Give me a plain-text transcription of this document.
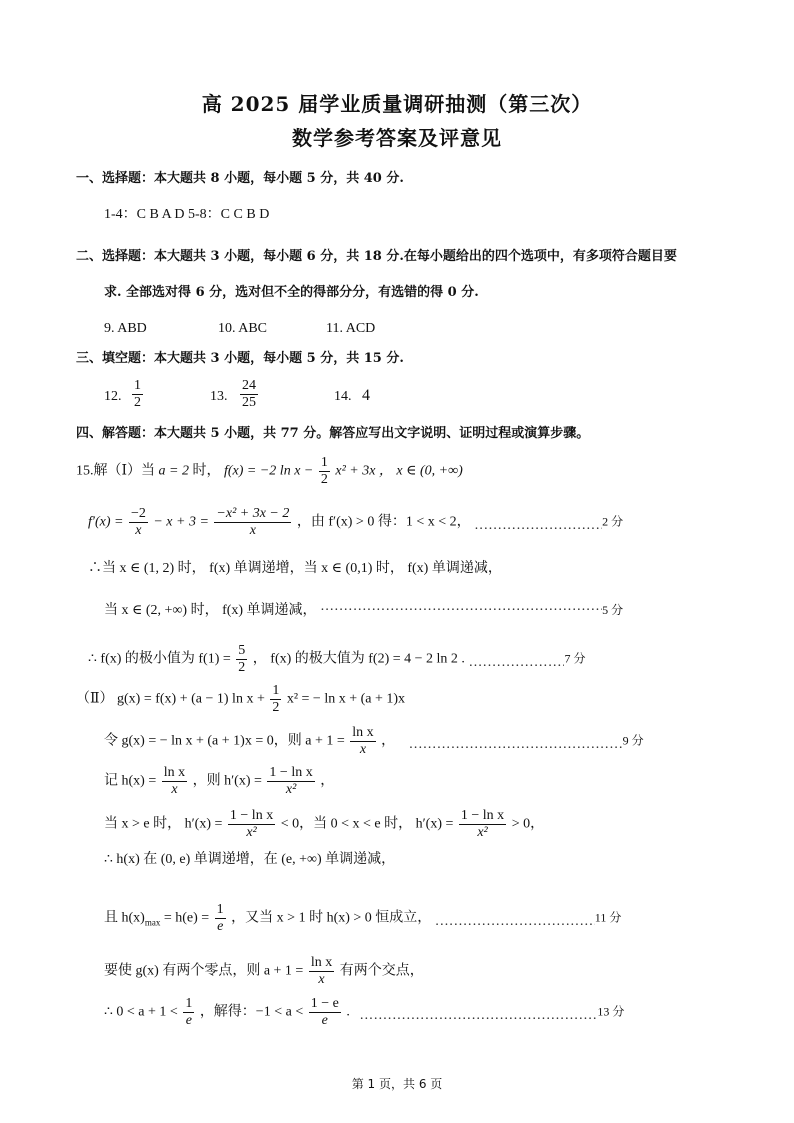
高 2025 届学业质量调研抽测（第三次）
数学参考答案及评意见
一、选择题：本大题共 8 小题，每小题 5 分，共 40 分.
1-4：C B A D 5-8：C C B D
二、选择题：本大题共 3 小题，每小题 6 分，共 18 分.在每小题给出的四个选项中，有多项符合题目要
求. 全部选对得 6 分，选对但不全的得部分分，有选错的得 0 分.
9. ABD	10. ABC	11. ACD
三、填空题：本大题共 3 小题，每小题 5 分，共 15 分.
12. $\frac{1}{2}$	13. $\frac{24}{25}$	14. 4
四、解答题：本大题共 5 小题，共 77 分。解答应写出文字说明、证明过程或演算步骤。
15.解（Ⅰ）当 a = 2 时， f(x) = −2 $\ln x - \frac{1}{2} x^2 + 3x$ ， x ∈ (0, +∞)
$f'(x) = \frac{-2}{x} - x + 3 = \frac{\text{−x² + 3x − 2}}{x}$ ，由 f′(x) > 0 得：1 < x < 2， ·····	2 分
∴当 x ∈ (1, 2) 时， f(x) 单调递增，当 x ∈ (0,1) 时， f(x) 单调递减，
当 x ∈ (2, +∞) 时， f(x) 单调递减， ·····	5 分
∴ f(x) 的极小值为 $f(1) = \frac{5}{2}$ ， f(x) 的极大值为 f(2) = 4 − 2 ln 2 . ·····	7 分
（Ⅱ） g(x) = f(x) + (a − 1) $\ln x + \frac{1}{2} x^2$ = − ln x + (a + 1)x
令 g(x) = − ln x + (a + 1)x = 0，则 $a + 1 = \frac{\text{ln x}}{x}$ ， ·····	9 分
记 $h(x) = \frac{\text{ln x}}{x}$ ，则 $h'(x) = \frac{\text{1 − ln x}}{\text{x²}}$ ，
当 x > e 时， $h'(x) = \frac{\text{1 − ln x}}{\text{x²}} < 0$，当 0 < x < e 时， $h'(x) = \frac{\text{1 − ln x}}{\text{x²}} > 0$，
∴ h(x) 在 (0, e) 单调递增，在 (e, +∞) 单调递减，
且 $h(x)_{max} = h(e) = \frac{1}{e}$ ，又当 x > 1 时 h(x) > 0 恒成立， ·····	11 分
要使 g(x) 有两个零点，则 $a + 1 = \frac{\text{ln x}}{x}$ 有两个交点，
∴ $0 < a + 1 < \frac{1}{e}$ ，解得：$-1 < a < \frac{1 - e}{e}$ . ·····	13 分
第 1 页，共 6 页
